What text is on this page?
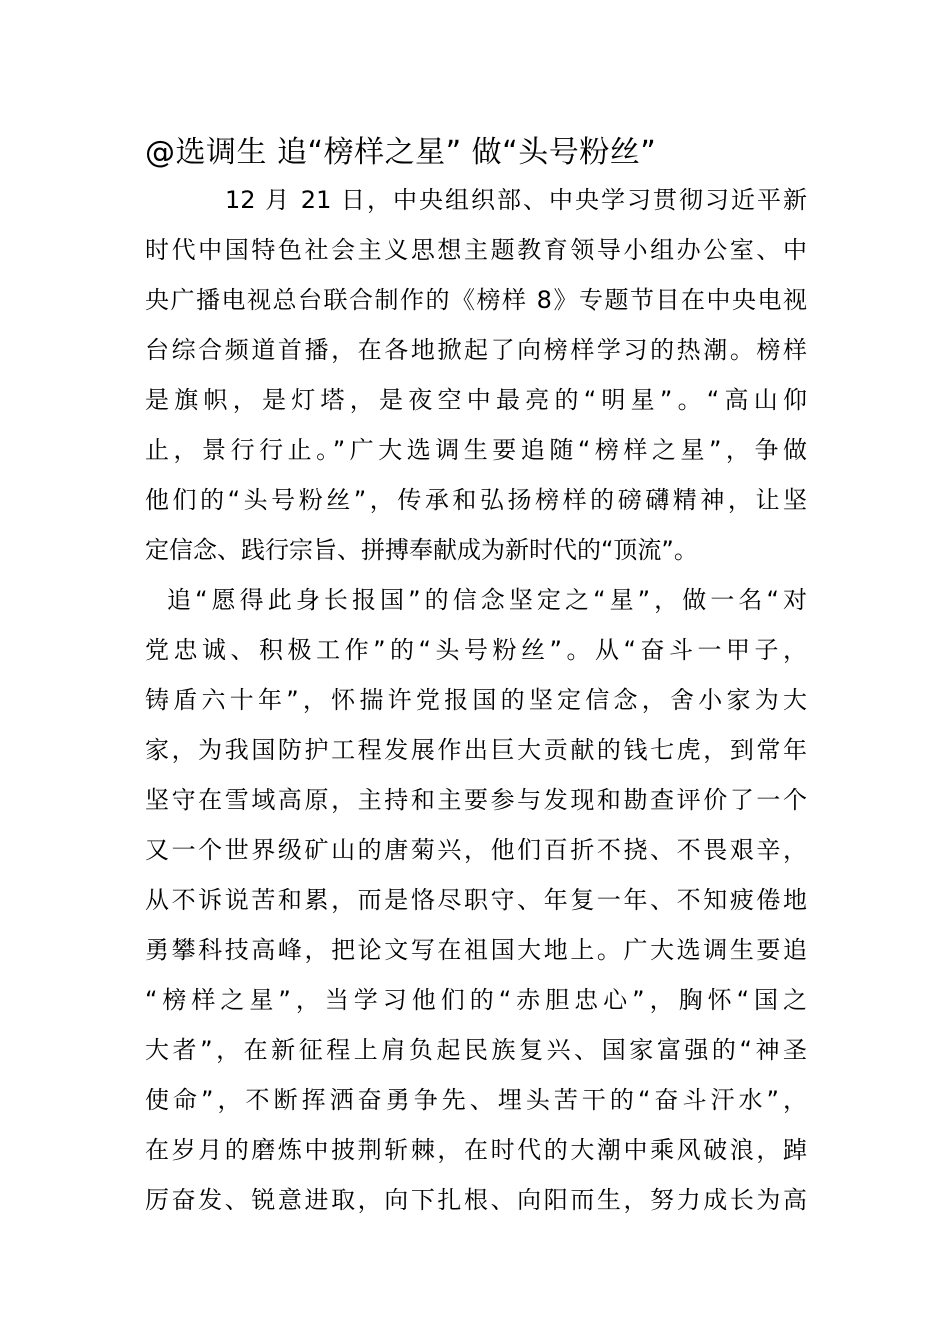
@选调生 追“榜样之星” 做“头号粉丝”
12 月 21 日，中央组织部、中央学习贯彻习近平新
时代中国特色社会主义思想主题教育领导小组办公室、中
央广播电视总台联合制作的《榜样 8》专题节目在中央电视
台综合频道首播，在各地掀起了向榜样学习的热潮。榜样
是旗帜，是灯塔，是夜空中最亮的“明星”。“高山仰
止，景行行止。”广大选调生要追随“榜样之星”，争做
他们的“头号粉丝”，传承和弘扬榜样的磅礴精神，让坚
定信念、践行宗旨、拼搏奉献成为新时代的“顶流”。
追“愿得此身长报国”的信念坚定之“星”，做一名“对
党忠诚、积极工作”的“头号粉丝”。从“奋斗一甲子，
铸盾六十年”，怀揣许党报国的坚定信念，舍小家为大
家，为我国防护工程发展作出巨大贡献的钱七虎，到常年
坚守在雪域高原，主持和主要参与发现和勘查评价了一个
又一个世界级矿山的唐菊兴，他们百折不挠、不畏艰辛，
从不诉说苦和累，而是恪尽职守、年复一年、不知疲倦地
勇攀科技高峰，把论文写在祖国大地上。广大选调生要追
“榜样之星”，当学习他们的“赤胆忠心”，胸怀“国之
大者”，在新征程上肩负起民族复兴、国家富强的“神圣
使命”，不断挥洒奋勇争先、埋头苦干的“奋斗汗水”，
在岁月的磨炼中披荆斩棘，在时代的大潮中乘风破浪，踔
厉奋发、锐意进取，向下扎根、向阳而生，努力成长为高
